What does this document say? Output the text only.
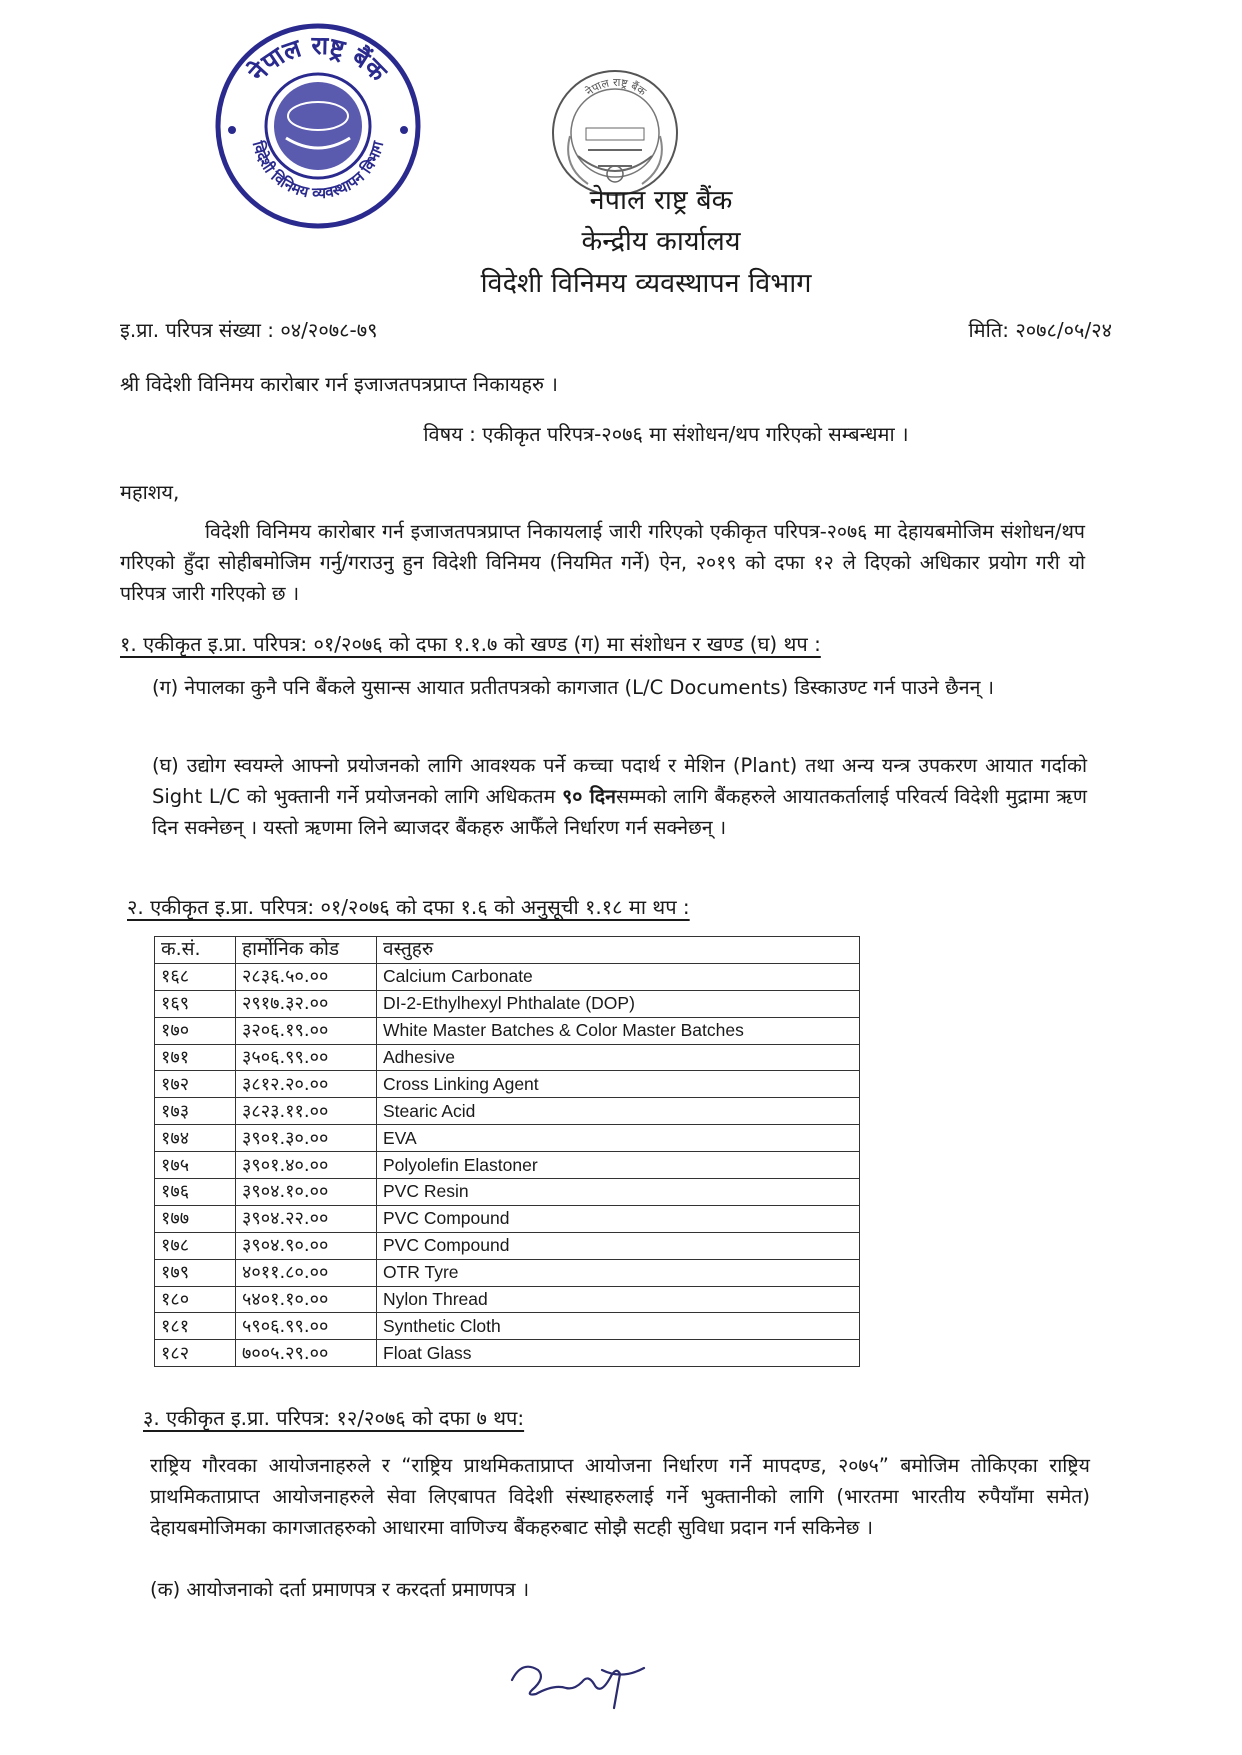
नेपाल राष्ट्र बैंक
विदेशी विनिमय व्यवस्थापन विभाग
नेपाल राष्ट्र बैंक
नेपाल राष्ट्र बैंक
केन्द्रीय कार्यालय
विदेशी विनिमय व्यवस्थापन विभाग
इ.प्रा. परिपत्र संख्या : ०४/२०७८-७९	मिति: २०७८/०५/२४
श्री विदेशी विनिमय कारोबार गर्न इजाजतपत्रप्राप्त निकायहरु ।
विषय : एकीकृत परिपत्र-२०७६ मा संशोधन/थप गरिएको सम्बन्धमा ।
महाशय,
विदेशी विनिमय कारोबार गर्न इजाजतपत्रप्राप्त निकायलाई जारी गरिएको एकीकृत परिपत्र-२०७६ मा देहायबमोजिम संशोधन/थप गरिएको हुँदा सोहीबमोजिम गर्नु/गराउनु हुन विदेशी विनिमय (नियमित गर्ने) ऐन, २०१९ को दफा १२ ले दिएको अधिकार प्रयोग गरी यो परिपत्र जारी गरिएको छ ।
१. एकीकृत इ.प्रा. परिपत्र: ०१/२०७६ को दफा १.१.७ को खण्ड (ग) मा संशोधन र खण्ड (घ) थप :
(ग) नेपालका कुनै पनि बैंकले युसान्स आयात प्रतीतपत्रको कागजात (L/C Documents) डिस्काउण्ट गर्न पाउने छैनन् ।
(घ) उद्योग स्वयम्ले आफ्नो प्रयोजनको लागि आवश्यक पर्ने कच्चा पदार्थ र मेशिन (Plant) तथा अन्य यन्त्र उपकरण आयात गर्दाको Sight L/C को भुक्तानी गर्ने प्रयोजनको लागि अधिकतम ९० दिनसम्मको लागि बैंकहरुले आयातकर्तालाई परिवर्त्य विदेशी मुद्रामा ऋण दिन सक्नेछन् । यस्तो ऋणमा लिने ब्याजदर बैंकहरु आफैँले निर्धारण गर्न सक्नेछन् ।
२. एकीकृत इ.प्रा. परिपत्र: ०१/२०७६ को दफा १.६ को अनुसूची १.१८ मा थप :
क.सं.	हार्मोनिक कोड	वस्तुहरु
१६८	२८३६.५०.००	Calcium Carbonate
१६९	२९१७.३२.००	DI-2-Ethylhexyl Phthalate (DOP)
१७०	३२०६.१९.००	White Master Batches & Color Master Batches
१७१	३५०६.९९.००	Adhesive
१७२	३८१२.२०.००	Cross Linking Agent
१७३	३८२३.११.००	Stearic Acid
१७४	३९०१.३०.००	EVA
१७५	३९०१.४०.००	Polyolefin Elastoner
१७६	३९०४.१०.००	PVC Resin
१७७	३९०४.२२.००	PVC Compound
१७८	३९०४.९०.००	PVC Compound
१७९	४०११.८०.००	OTR Tyre
१८०	५४०१.१०.००	Nylon Thread
१८१	५९०६.९९.००	Synthetic Cloth
१८२	७००५.२९.००	Float Glass
३. एकीकृत इ.प्रा. परिपत्र: १२/२०७६ को दफा ७ थप:
राष्ट्रिय गौरवका आयोजनाहरुले र “राष्ट्रिय प्राथमिकताप्राप्त आयोजना निर्धारण गर्ने मापदण्ड, २०७५” बमोजिम तोकिएका राष्ट्रिय प्राथमिकताप्राप्त आयोजनाहरुले सेवा लिएबापत विदेशी संस्थाहरुलाई गर्ने भुक्तानीको लागि (भारतमा भारतीय रुपैयाँमा समेत) देहायबमोजिमका कागजातहरुको आधारमा वाणिज्य बैंकहरुबाट सोझै सटही सुविधा प्रदान गर्न सकिनेछ ।
(क) आयोजनाको दर्ता प्रमाणपत्र र करदर्ता प्रमाणपत्र ।
